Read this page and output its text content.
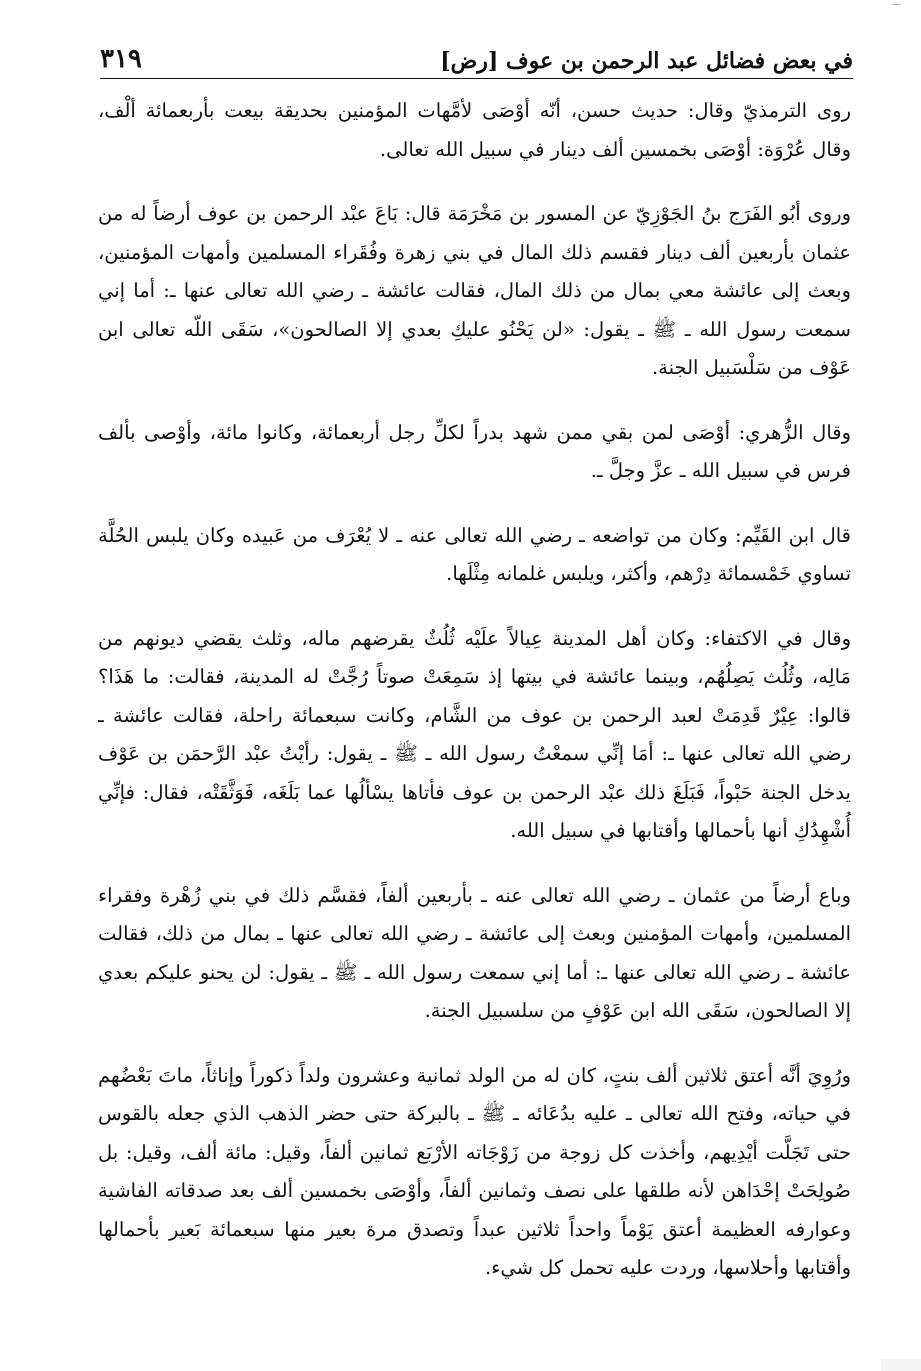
في بعض فضائل عبد الرحمن بن عوف [رض]
٣١٩

روى الترمذيّ وقال: حديث حسن، أنّه أوْصَى لأمَّهات المؤمنين بحديقة بيعت بأربعمائة ألْف، وقال عُرْوَة: أوْصَى بخمسين ألف دينار في سبيل الله تعالى.

وروى أبُو الفَرَج بنُ الجَوْزِيّ عن المسور بن مَخْرَمَة قال: بَاعَ عبْد الرحمن بن عوف أرضاً له من عثمان بأربعين ألف دينار فقسم ذلك المال في بني زهرة وفُقَراء المسلمين وأمهات المؤمنين، وبعث إلى عائشة معي بمال من ذلك المال، فقالت عائشة ـ رضي الله تعالى عنها ـ: أما إني سمعت رسول الله ـ ﷺ ـ يقول: «لن يَحْنُو عليكِ بعدي إلا الصالحون»، سَقَى اللّه تعالى ابن عَوْف من سَلْسَبيل الجنة.

وقال الزُّهري: أوْصَى لمن بقي ممن شهد بدراً لكلِّ رجل أربعمائة، وكانوا مائة، وأوْصى بألف فرس في سبيل الله ـ عزَّ وجلَّ ـ.

قال ابن القَيِّم: وكان من تواضعه ـ رضي الله تعالى عنه ـ لا يُعْرَف من عَبيده وكان يلبس الحُلَّة تساوي خَمْسمائة دِرْهم، وأكثر، ويلبس غلمانه مِثْلَها.

وقال في الاكتفاء: وكان أهل المدينة عِيالاً علَيْه ثُلُثٌ يقرضهم ماله، وثلث يقضي ديونهم من مَالِه، وثُلُث يَصِلُهُم، وبينما عائشة في بيتها إذ سَمِعَتْ صوتاً رُجَّتْ له المدينة، فقالت: ما هَذَا؟ قالوا: عِيْرٌ قَدِمَتْ لعبد الرحمن بن عوف من الشَّام، وكانت سبعمائة راحلة، فقالت عائشة ـ رضي الله تعالى عنها ـ: أمَا إنِّي سمعْتُ رسول الله ـ ﷺ ـ يقول: رأيْتُ عبْد الرَّحمَن بن عَوْف يدخل الجنة حَبْواً، فَبَلَغَ ذلك عبْد الرحمن بن عوف فأتاها يسْألُها عما بَلَغَه، فَوَثَّقَتْه، فقال: فإنِّي أُشْهِدُكِ أنها بأحمالها وأقتابها في سبيل الله.

وباع أرضاً من عثمان ـ رضي الله تعالى عنه ـ بأربعين ألفاً، فقسَّم ذلك في بني زُهْرة وفقراء المسلمين، وأمهات المؤمنين وبعث إلى عائشة ـ رضي الله تعالى عنها ـ بمال من ذلك، فقالت عائشة ـ رضي الله تعالى عنها ـ: أما إني سمعت رسول الله ـ ﷺ ـ يقول: لن يحنو عليكم بعدي إلا الصالحون، سَقَى الله ابن عَوْفٍ من سلسبيل الجنة.

ورُوِيَ أنَّه أعتق ثلاثين ألف بنتٍ، كان له من الولد ثمانية وعشرون ولداً ذكوراً وإناثاً، ماتَ بَعْضُهم في حياته، وفتح الله تعالى ـ عليه بدُعَائه ـ ﷺ ـ بالبركة حتى حضر الذهب الذي جعله بالقوس حتى تَجَلَّت أيْدِيهم، وأخذت كل زوجة من زَوْجَاته الأرْبَع ثمانين ألفاً، وقيل: مائة ألف، وقيل: بل صُولِحَتْ إحْدَاهن لأنه طلقها على نصف وثمانين ألفاً، وأوْصَى بخمسين ألف بعد صدقاته الفاشية وعوارفه العظيمة أعتق يَوْماً واحداً ثلاثين عبداً وتصدق مرة بعير منها سبعمائة بَعير بأحمالها وأقتابها وأحلاسها، وردت عليه تحمل كل شيء.
